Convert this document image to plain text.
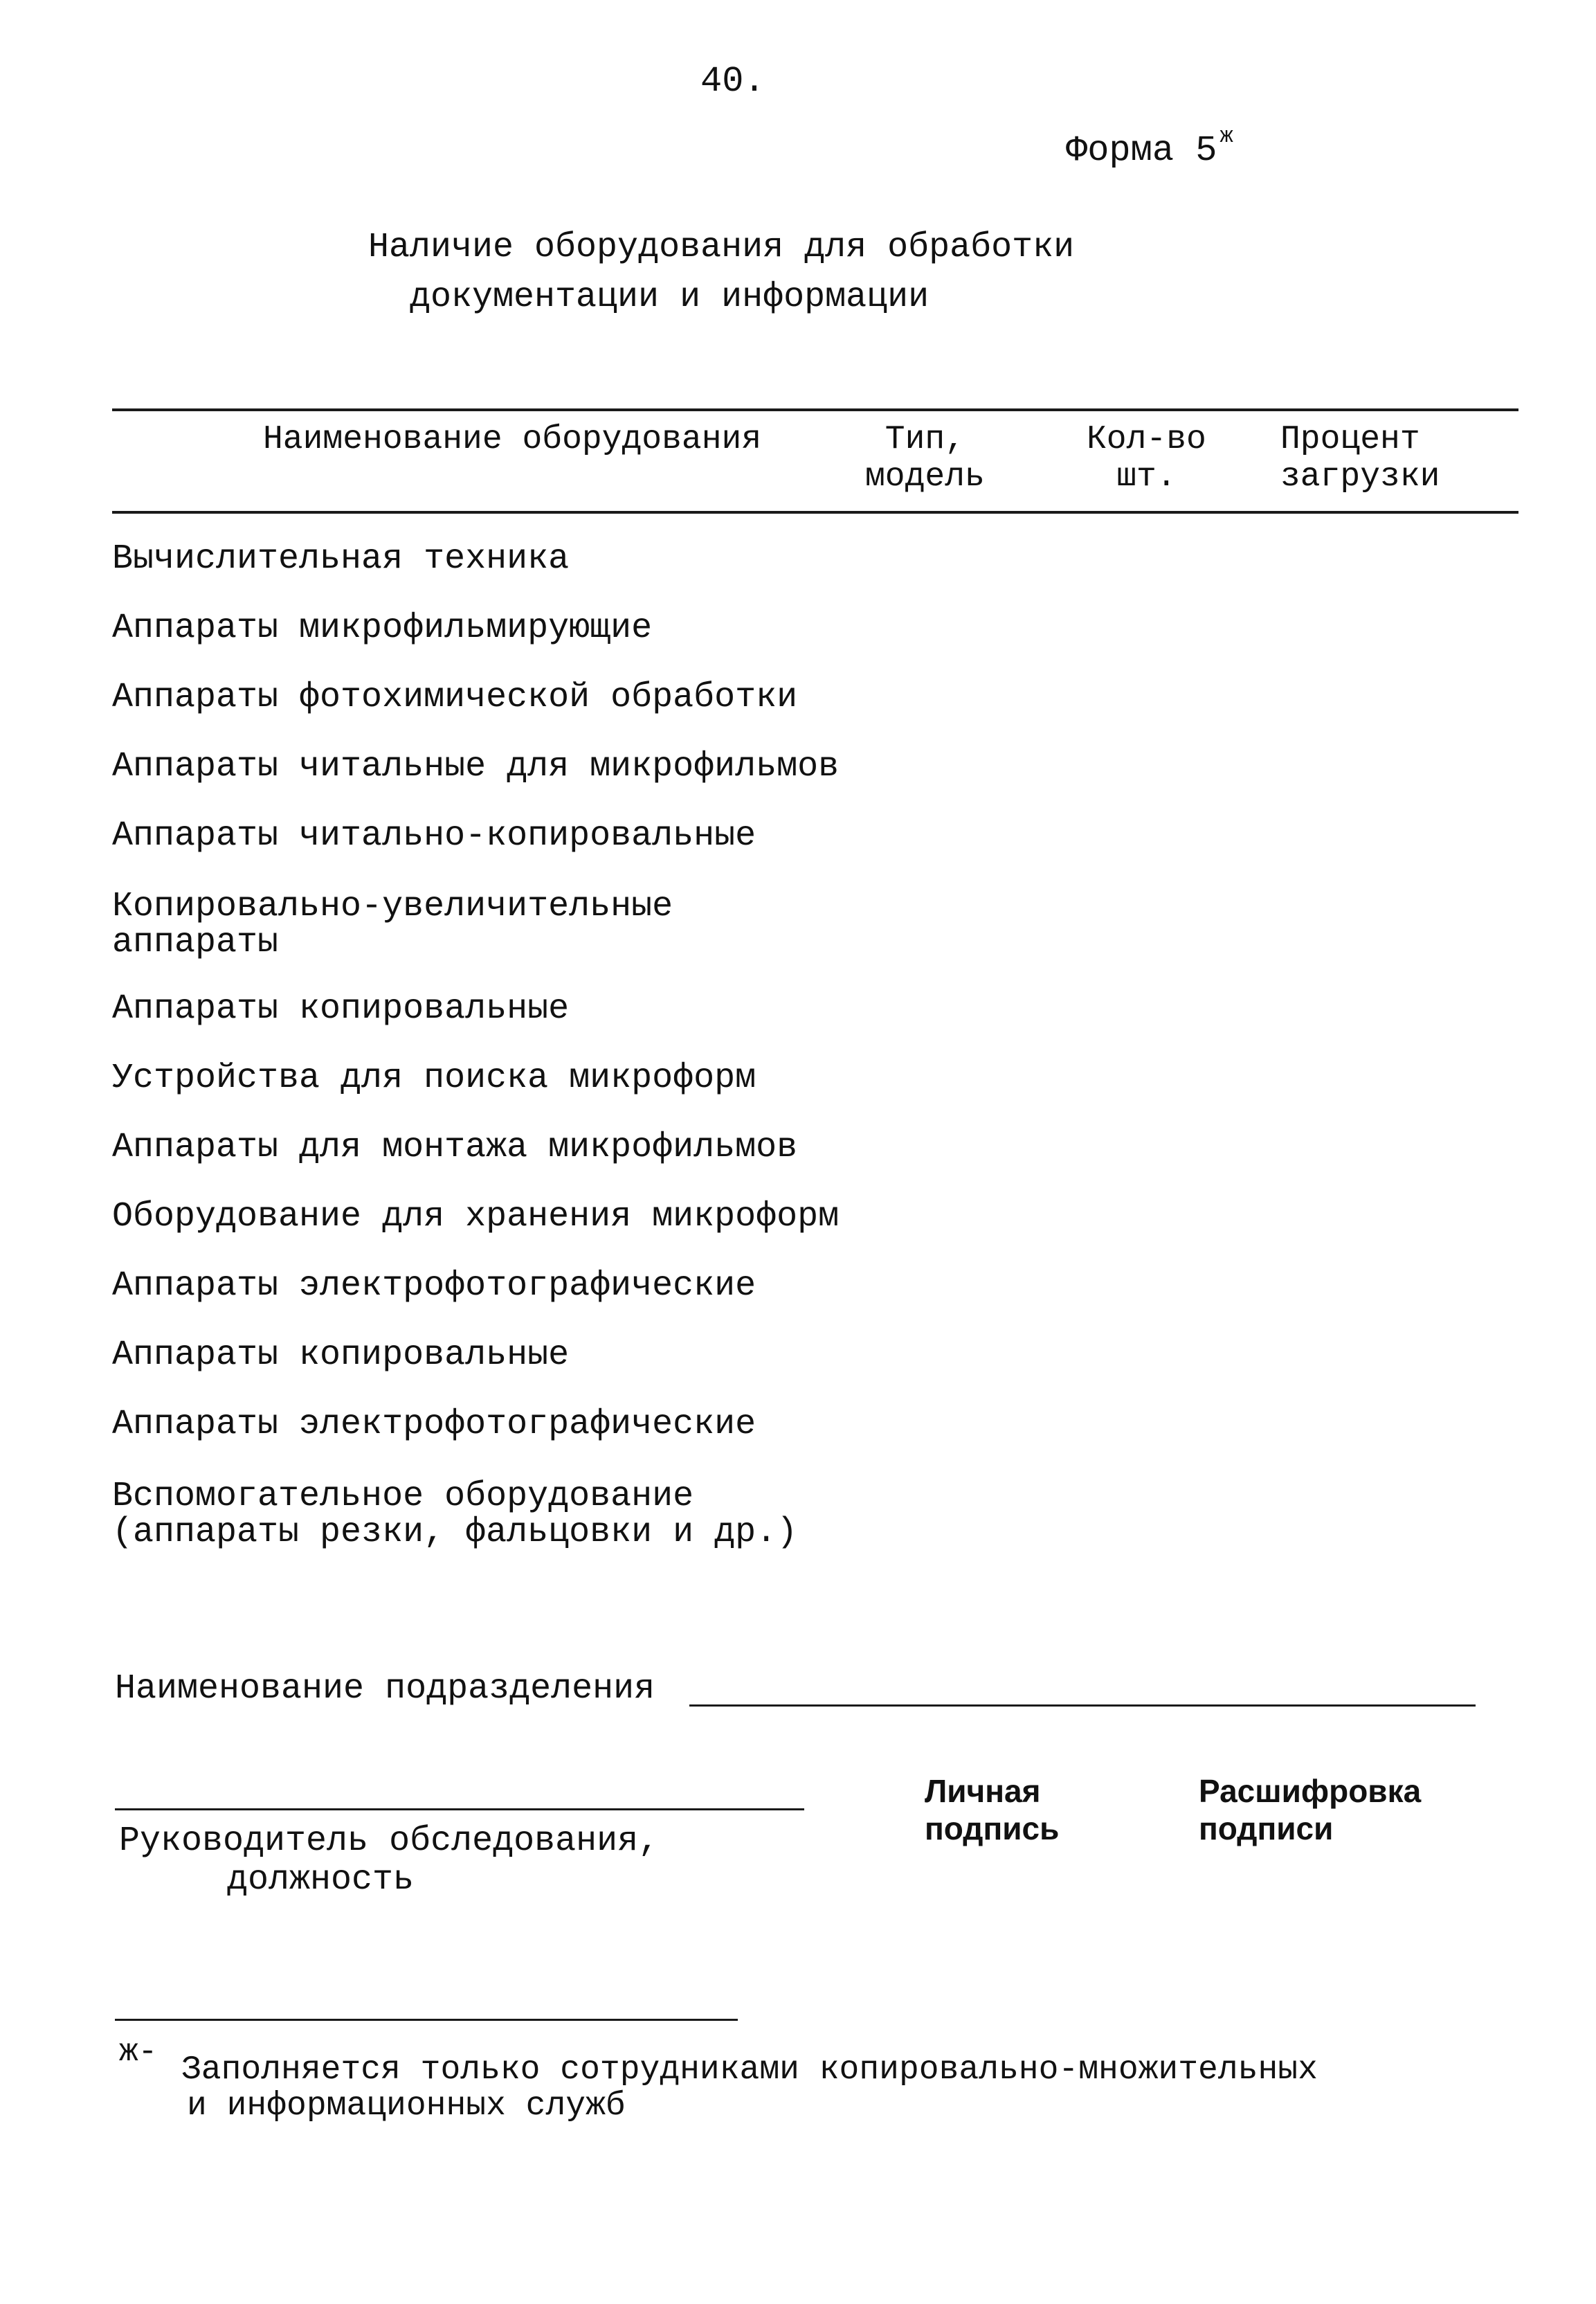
40.
Форма 5 $^ж$
Наличие оборудования для обработки
документации и информации
Наименование оборудования	Тип,
модель
Кол-во
шт.
Процент
загрузки
Вычислительная техника
Аппараты микрофильмирующие
Аппараты фотохимической обработки
Аппараты читальные для микрофильмов
Аппараты читально-копировальные
Копировально-увеличительные
аппараты
Аппараты копировальные
Устройства для поиска микроформ
Аппараты для монтажа микрофильмов
Оборудование для хранения микроформ
Аппараты электрофотографические
Аппараты копировальные
Аппараты электрофотографические
Вспомогательное оборудование
(аппараты резки, фальцовки и др.)
Наименование подразделения
Руководитель обследования,
должность
Личная
подпись
Расшифровка
подписи
ж- Заполняется только сотрудниками копировально-множительных
и информационных служб
